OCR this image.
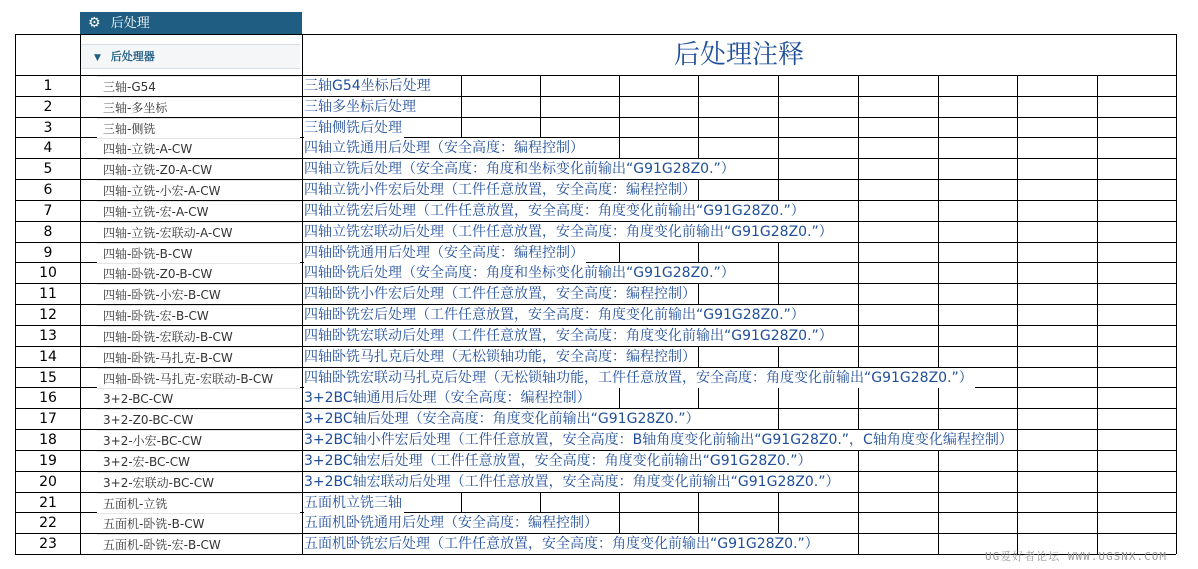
⚙ 后处理
▼ 后处理器	后处理注释
1	三轴-G54	三轴G54坐标后处理
2	三轴-多坐标	三轴多坐标后处理
3	三轴-侧铣	三轴侧铣后处理
4	四轴-立铣-A-CW	四轴立铣通用后处理（安全高度：编程控制）
5	四轴-立铣-Z0-A-CW	四轴立铣后处理（安全高度：角度和坐标变化前输出“G91G28Z0.”）
6	四轴-立铣-小宏-A-CW	四轴立铣小件宏后处理（工件任意放置，安全高度：编程控制）
7	四轴-立铣-宏-A-CW	四轴立铣宏后处理（工件任意放置，安全高度：角度变化前输出“G91G28Z0.”）
8	四轴-立铣-宏联动-A-CW	四轴立铣宏联动后处理（工件任意放置，安全高度：角度变化前输出“G91G28Z0.”）
9	四轴-卧铣-B-CW	四轴卧铣通用后处理（安全高度：编程控制）
10	四轴-卧铣-Z0-B-CW	四轴卧铣后处理（安全高度：角度和坐标变化前输出“G91G28Z0.”）
11	四轴-卧铣-小宏-B-CW	四轴卧铣小件宏后处理（工件任意放置，安全高度：编程控制）
12	四轴-卧铣-宏-B-CW	四轴卧铣宏后处理（工件任意放置，安全高度：角度变化前输出“G91G28Z0.”）
13	四轴-卧铣-宏联动-B-CW	四轴卧铣宏联动后处理（工件任意放置，安全高度：角度变化前输出“G91G28Z0.”）
14	四轴-卧铣-马扎克-B-CW	四轴卧铣马扎克后处理（无松锁轴功能，安全高度：编程控制）
15	四轴-卧铣-马扎克-宏联动-B-CW	四轴卧铣宏联动马扎克后处理（无松锁轴功能，工件任意放置，安全高度：角度变化前输出“G91G28Z0.”）
16	3+2-BC-CW	3+2BC轴通用后处理（安全高度：编程控制）
17	3+2-Z0-BC-CW	3+2BC轴后处理（安全高度：角度变化前输出“G91G28Z0.”）
18	3+2-小宏-BC-CW	3+2BC轴小件宏后处理（工件任意放置，安全高度：B轴角度变化前输出“G91G28Z0.”，C轴角度变化编程控制）
19	3+2-宏-BC-CW	3+2BC轴宏后处理（工件任意放置，安全高度：角度变化前输出“G91G28Z0.”）
20	3+2-宏联动-BC-CW	3+2BC轴宏联动后处理（工件任意放置，安全高度：角度变化前输出“G91G28Z0.”）
21	五面机-立铣	五面机立铣三轴
22	五面机-卧铣-B-CW	五面机卧铣通用后处理（安全高度：编程控制）
23	五面机-卧铣-宏-B-CW	五面机卧铣宏后处理（工件任意放置，安全高度：角度变化前输出“G91G28Z0.”）
UG爱好者论坛 WWW.UGSNX.COM
